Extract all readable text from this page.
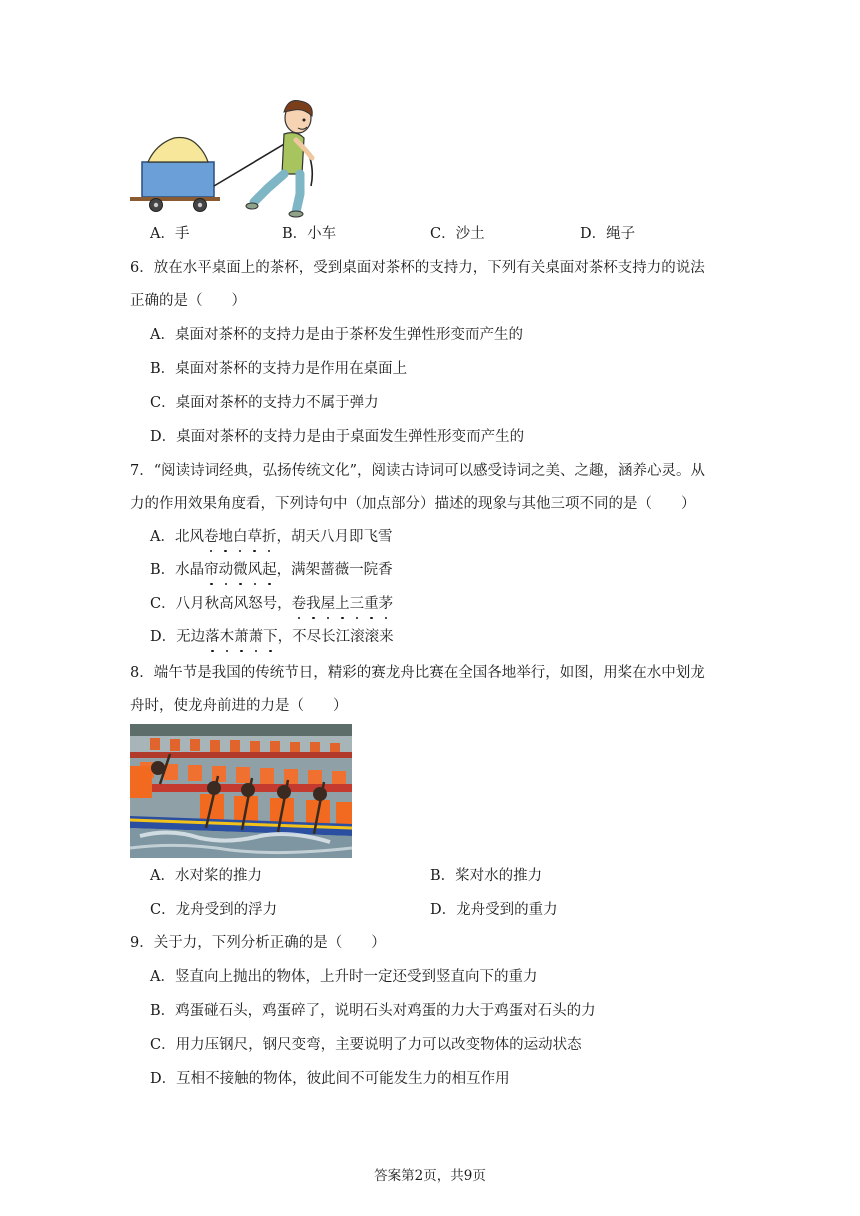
A．手	B．小车	C．沙土	D．绳子
6．放在水平桌面上的茶杯，受到桌面对茶杯的支持力，下列有关桌面对茶杯支持力的说法
正确的是（　　）
A．桌面对茶杯的支持力是由于茶杯发生弹性形变而产生的
B．桌面对茶杯的支持力是作用在桌面上
C．桌面对茶杯的支持力不属于弹力
D．桌面对茶杯的支持力是由于桌面发生弹性形变而产生的
7．“阅读诗词经典，弘扬传统文化”，阅读古诗词可以感受诗词之美、之趣，涵养心灵。从
力的作用效果角度看，下列诗句中（加点部分）描述的现象与其他三项不同的是（　　）
A．北风卷地白草折，胡天八月即飞雪
B．水晶帘动微风起，满架蔷薇一院香
C．八月秋高风怒号，卷我屋上三重茅
D．无边落木萧萧下，不尽长江滚滚来
8．端午节是我国的传统节日，精彩的赛龙舟比赛在全国各地举行，如图，用桨在水中划龙
舟时，使龙舟前进的力是（　　）
A．水对桨的推力	B．桨对水的推力
C．龙舟受到的浮力	D．龙舟受到的重力
9．关于力，下列分析正确的是（　　）
A．竖直向上抛出的物体，上升时一定还受到竖直向下的重力
B．鸡蛋碰石头，鸡蛋碎了，说明石头对鸡蛋的力大于鸡蛋对石头的力
C．用力压钢尺，钢尺变弯，主要说明了力可以改变物体的运动状态
D．互相不接触的物体，彼此间不可能发生力的相互作用
答案第2页，共9页
